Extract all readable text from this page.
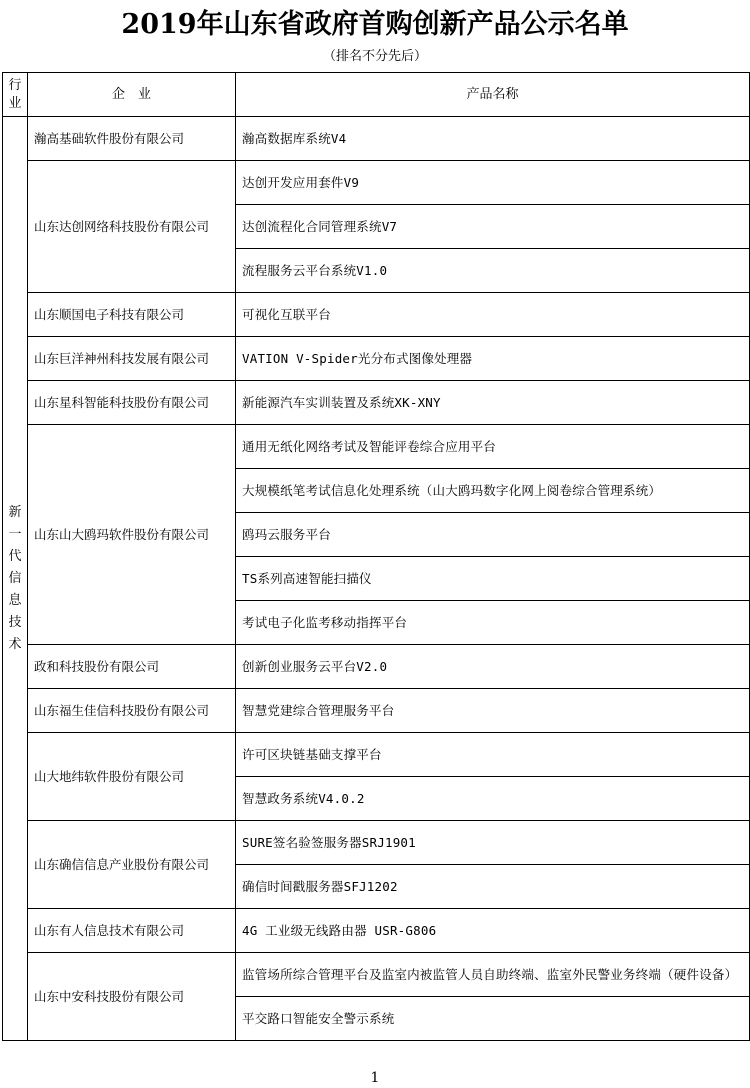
2019年山东省政府首购创新产品公示名单
（排名不分先后）
行业	企　业	产品名称
新一代信息技术	瀚高基础软件股份有限公司	瀚高数据库系统V4
	山东达创网络科技股份有限公司	达创开发应用套件V9
		达创流程化合同管理系统V7
		流程服务云平台系统V1.0
	山东顺国电子科技有限公司	可视化互联平台
	山东巨洋神州科技发展有限公司	VATION V-Spider光分布式图像处理器
	山东星科智能科技股份有限公司	新能源汽车实训装置及系统XK-XNY
	山东山大鸥玛软件股份有限公司	通用无纸化网络考试及智能评卷综合应用平台
		大规模纸笔考试信息化处理系统（山大鸥玛数字化网上阅卷综合管理系统）
		鸥玛云服务平台
		TS系列高速智能扫描仪
		考试电子化监考移动指挥平台
	政和科技股份有限公司	创新创业服务云平台V2.0
	山东福生佳信科技股份有限公司	智慧党建综合管理服务平台
	山大地纬软件股份有限公司	许可区块链基础支撑平台
		智慧政务系统V4.0.2
	山东确信信息产业股份有限公司	SURE签名验签服务器SRJ1901
		确信时间戳服务器SFJ1202
	山东有人信息技术有限公司	4G 工业级无线路由器 USR-G806
	山东中安科技股份有限公司	监管场所综合管理平台及监室内被监管人员自助终端、监室外民警业务终端（硬件设备）
		平交路口智能安全警示系统
1
